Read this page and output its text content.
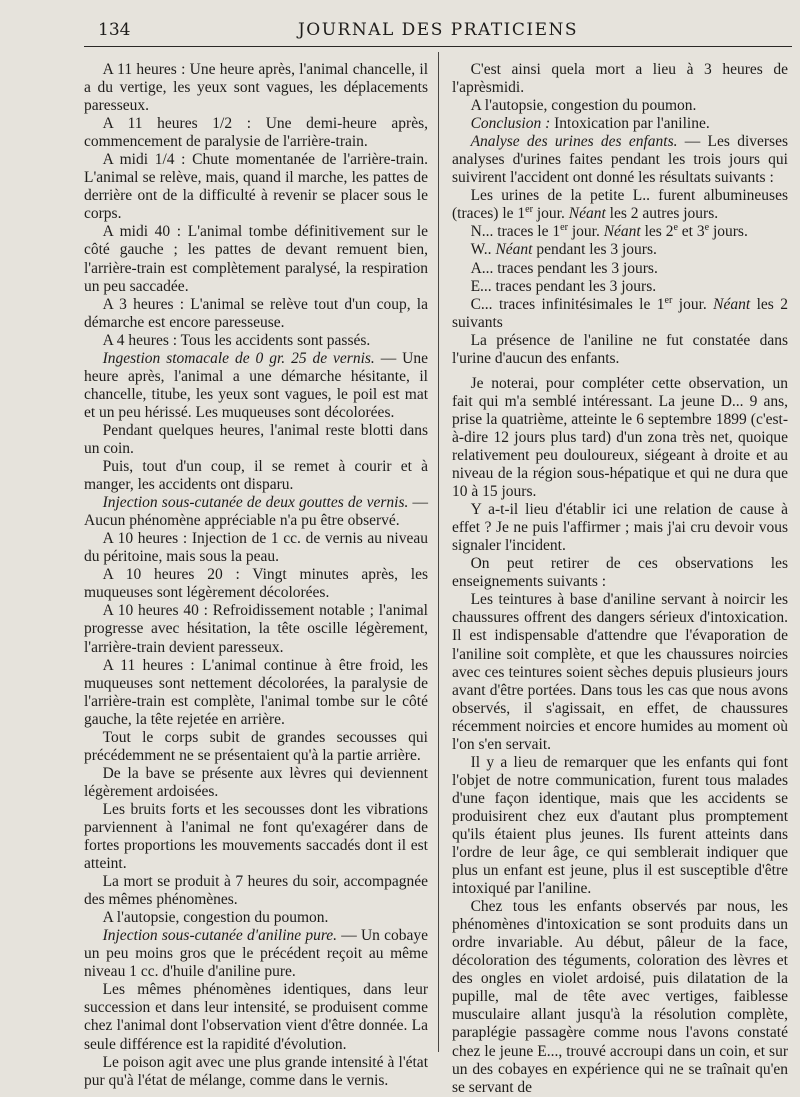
134	JOURNAL DES PRATICIENS

A 11 heures : Une heure après, l'animal chancelle, il a du vertige, les yeux sont vagues, les déplacements paresseux.

A 11 heures 1/2 : Une demi-heure après, commencement de paralysie de l'arrière-train.

A midi 1/4 : Chute momentanée de l'arrière-train. L'animal se relève, mais, quand il marche, les pattes de derrière ont de la difficulté à revenir se placer sous le corps.

A midi 40 : L'animal tombe définitivement sur le côté gauche ; les pattes de devant remuent bien, l'arrière-train est complètement paralysé, la respiration un peu saccadée.

A 3 heures : L'animal se relève tout d'un coup, la démarche est encore paresseuse.

A 4 heures : Tous les accidents sont passés.

Ingestion stomacale de 0 gr. 25 de vernis. — Une heure après, l'animal a une démarche hésitante, il chancelle, titube, les yeux sont vagues, le poil est mat et un peu hérissé. Les muqueuses sont décolorées.

Pendant quelques heures, l'animal reste blotti dans un coin.

Puis, tout d'un coup, il se remet à courir et à manger, les accidents ont disparu.

Injection sous-cutanée de deux gouttes de vernis. — Aucun phénomène appréciable n'a pu être observé.

A 10 heures : Injection de 1 cc. de vernis au niveau du péritoine, mais sous la peau.

A 10 heures 20 : Vingt minutes après, les muqueuses sont légèrement décolorées.

A 10 heures 40 : Refroidissement notable ; l'animal progresse avec hésitation, la tête oscille légèrement, l'arrière-train devient paresseux.

A 11 heures : L'animal continue à être froid, les muqueuses sont nettement décolorées, la paralysie de l'arrière-train est complète, l'animal tombe sur le côté gauche, la tête rejetée en arrière.

Tout le corps subit de grandes secousses qui précédemment ne se présentaient qu'à la partie arrière.

De la bave se présente aux lèvres qui deviennent légèrement ardoisées.

Les bruits forts et les secousses dont les vibrations parviennent à l'animal ne font qu'exagérer dans de fortes proportions les mouvements saccadés dont il est atteint.

La mort se produit à 7 heures du soir, accompagnée des mêmes phénomènes.

A l'autopsie, congestion du poumon.

Injection sous-cutanée d'aniline pure. — Un cobaye un peu moins gros que le précédent reçoit au même niveau 1 cc. d'huile d'aniline pure.

Les mêmes phénomènes identiques, dans leur succession et dans leur intensité, se produisent comme chez l'animal dont l'observation vient d'être donnée. La seule différence est la rapidité d'évolution.

Le poison agit avec une plus grande intensité à l'état pur qu'à l'état de mélange, comme dans le vernis.

C'est ainsi quela mort a lieu à 3 heures de l'aprèsmidi.

A l'autopsie, congestion du poumon.

Conclusion : Intoxication par l'aniline.

Analyse des urines des enfants. — Les diverses analyses d'urines faites pendant les trois jours qui suivirent l'accident ont donné les résultats suivants :

Les urines de la petite L.. furent albumineuses (traces) le 1er jour. Néant les 2 autres jours.

N... traces le 1er jour. Néant les 2e et 3e jours.

W.. Néant pendant les 3 jours.

A... traces pendant les 3 jours.

E... traces pendant les 3 jours.

C... traces infinitésimales le 1er jour. Néant les 2 suivants

La présence de l'aniline ne fut constatée dans l'urine d'aucun des enfants.

Je noterai, pour compléter cette observation, un fait qui m'a semblé intéressant. La jeune D... 9 ans, prise la quatrième, atteinte le 6 septembre 1899 (c'est-à-dire 12 jours plus tard) d'un zona très net, quoique relativement peu douloureux, siégeant à droite et au niveau de la région sous-hépatique et qui ne dura que 10 à 15 jours.

Y a-t-il lieu d'établir ici une relation de cause à effet ? Je ne puis l'affirmer ; mais j'ai cru devoir vous signaler l'incident.

On peut retirer de ces observations les enseignements suivants :

Les teintures à base d'aniline servant à noircir les chaussures offrent des dangers sérieux d'intoxication. Il est indispensable d'attendre que l'évaporation de l'aniline soit complète, et que les chaussures noircies avec ces teintures soient sèches depuis plusieurs jours avant d'être portées. Dans tous les cas que nous avons observés, il s'agissait, en effet, de chaussures récemment noircies et encore humides au moment où l'on s'en servait.

Il y a lieu de remarquer que les enfants qui font l'objet de notre communication, furent tous malades d'une façon identique, mais que les accidents se produisirent chez eux d'autant plus promptement qu'ils étaient plus jeunes. Ils furent atteints dans l'ordre de leur âge, ce qui semblerait indiquer que plus un enfant est jeune, plus il est susceptible d'être intoxiqué par l'aniline.

Chez tous les enfants observés par nous, les phénomènes d'intoxication se sont produits dans un ordre invariable. Au début, pâleur de la face, décoloration des téguments, coloration des lèvres et des ongles en violet ardoisé, puis dilatation de la pupille, mal de tête avec vertiges, faiblesse musculaire allant jusqu'à la résolution complète, paraplégie passagère comme nous l'avons constaté chez le jeune E..., trouvé accroupi dans un coin, et sur un des cobayes en expérience qui ne se traînait qu'en se servant de
